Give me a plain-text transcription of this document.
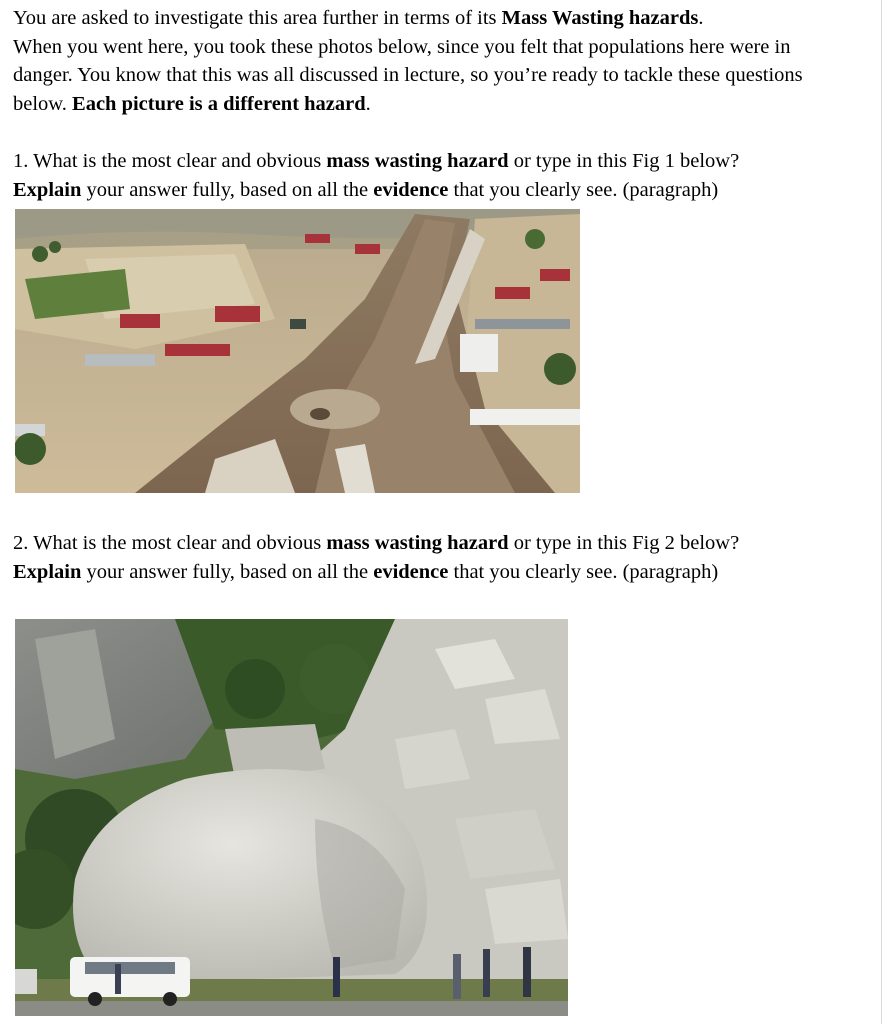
You are asked to investigate this area further in terms of its Mass Wasting hazards.
When you went here, you took these photos below, since you felt that populations here were in
danger. You know that this was all discussed in lecture, so you’re ready to tackle these questions
below. Each picture is a different hazard.

1. What is the most clear and obvious mass wasting hazard or type in this Fig 1 below?
Explain your answer fully, based on all the evidence that you clearly see. (paragraph)

2. What is the most clear and obvious mass wasting hazard or type in this Fig 2 below?
Explain your answer fully, based on all the evidence that you clearly see. (paragraph)
